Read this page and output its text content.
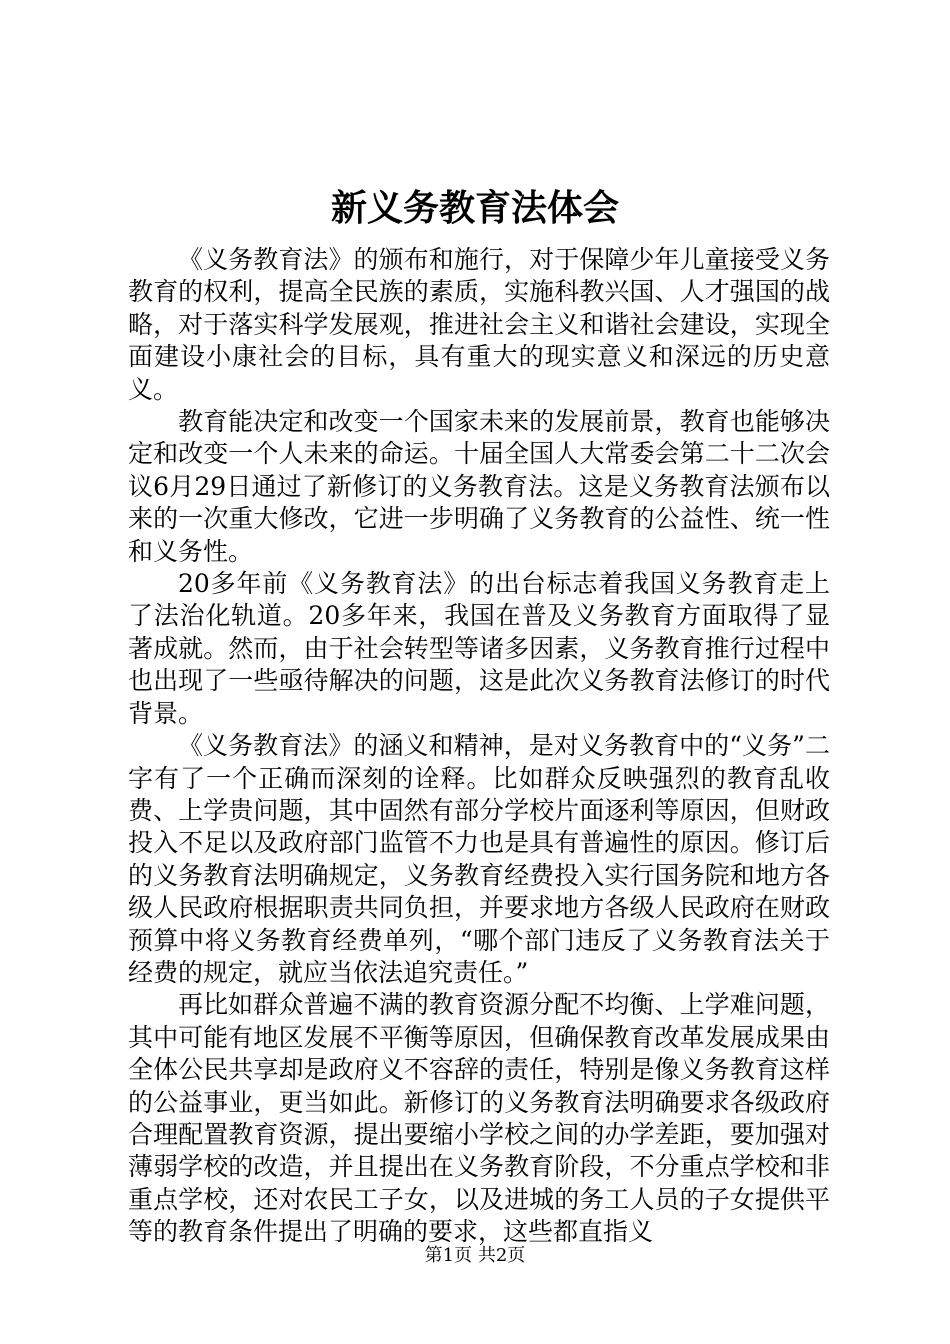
新义务教育法体会

《义务教育法》的颁布和施行，对于保障少年儿童接受义务教育的权利，提高全民族的素质，实施科教兴国、人才强国的战略，对于落实科学发展观，推进社会主义和谐社会建设，实现全面建设小康社会的目标，具有重大的现实意义和深远的历史意义。

教育能决定和改变一个国家未来的发展前景，教育也能够决定和改变一个人未来的命运。十届全国人大常委会第二十二次会议6月29日通过了新修订的义务教育法。这是义务教育法颁布以来的一次重大修改，它进一步明确了义务教育的公益性、统一性和义务性。

20多年前《义务教育法》的出台标志着我国义务教育走上了法治化轨道。20多年来，我国在普及义务教育方面取得了显著成就。然而，由于社会转型等诸多因素，义务教育推行过程中也出现了一些亟待解决的问题，这是此次义务教育法修订的时代背景。

《义务教育法》的涵义和精神，是对义务教育中的“义务”二字有了一个正确而深刻的诠释。比如群众反映强烈的教育乱收费、上学贵问题，其中固然有部分学校片面逐利等原因，但财政投入不足以及政府部门监管不力也是具有普遍性的原因。修订后的义务教育法明确规定，义务教育经费投入实行国务院和地方各级人民政府根据职责共同负担，并要求地方各级人民政府在财政预算中将义务教育经费单列，“哪个部门违反了义务教育法关于经费的规定，就应当依法追究责任。”

再比如群众普遍不满的教育资源分配不均衡、上学难问题，其中可能有地区发展不平衡等原因，但确保教育改革发展成果由全体公民共享却是政府义不容辞的责任，特别是像义务教育这样的公益事业，更当如此。新修订的义务教育法明确要求各级政府合理配置教育资源，提出要缩小学校之间的办学差距，要加强对薄弱学校的改造，并且提出在义务教育阶段，不分重点学校和非重点学校，还对农民工子女，以及进城的务工人员的子女提供平等的教育条件提出了明确的要求，这些都直指义

第1页 共2页
